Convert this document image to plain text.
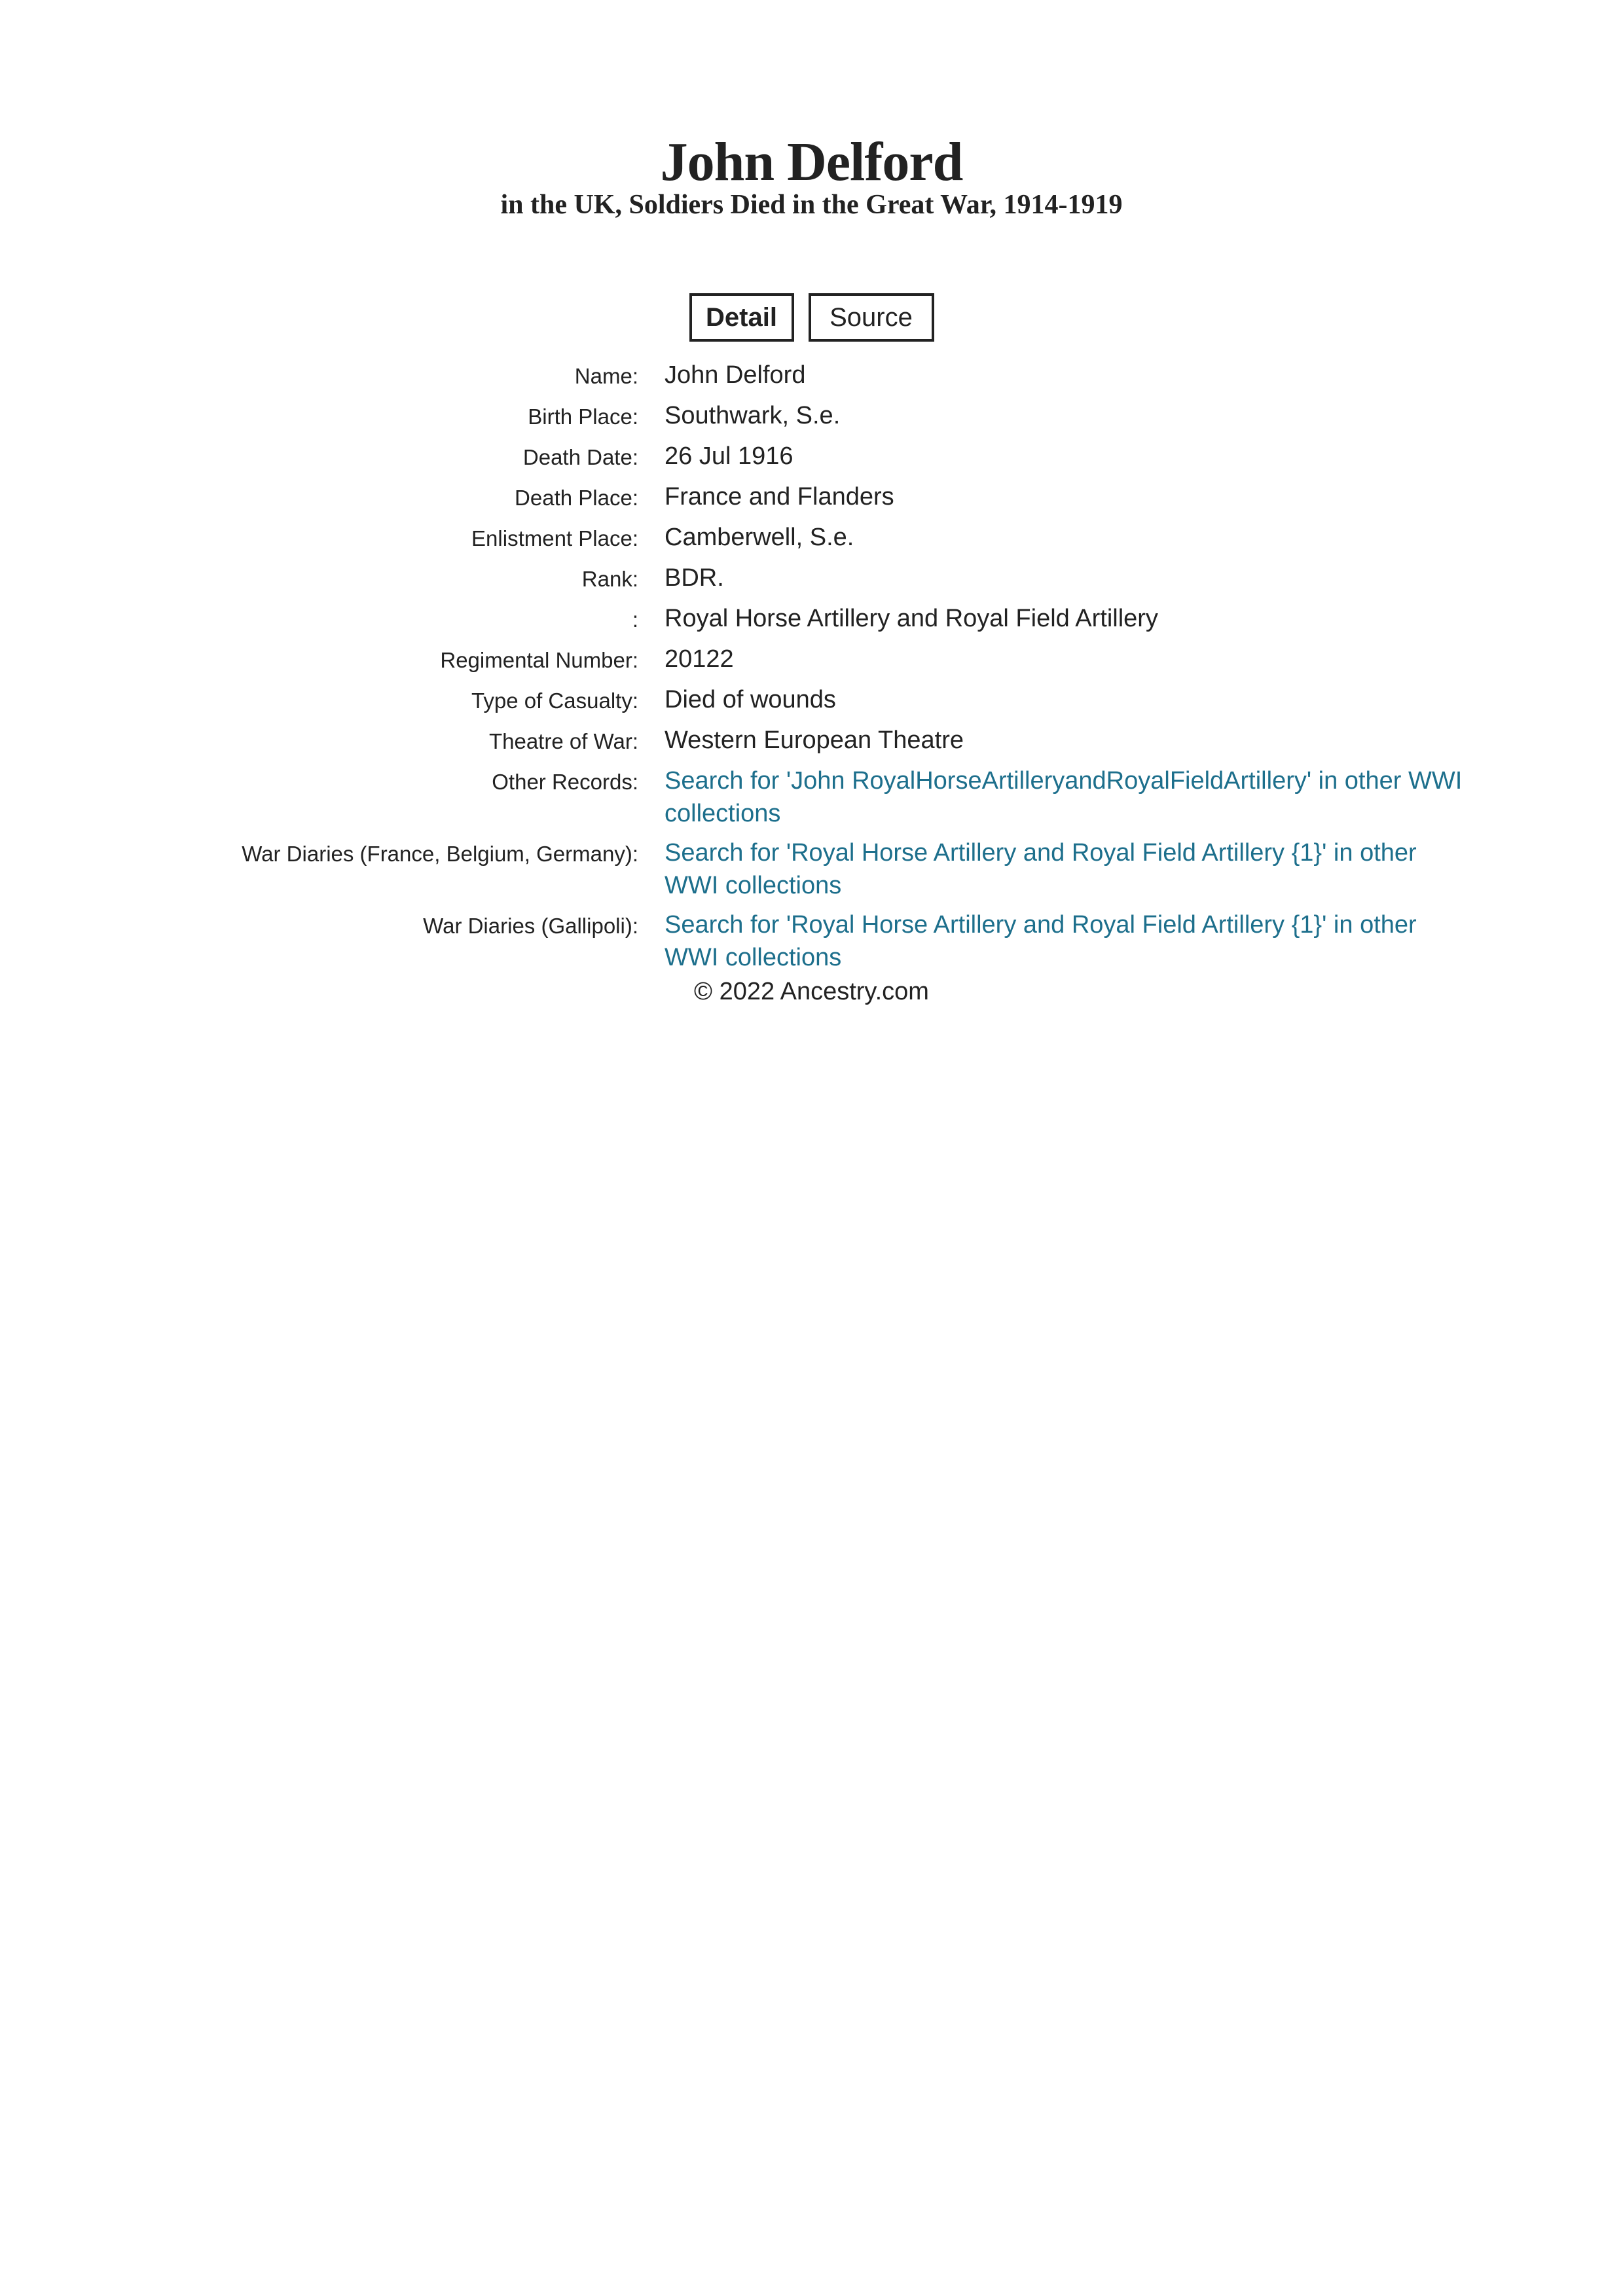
John Delford
in the UK, Soldiers Died in the Great War, 1914-1919
Detail	Source
Name: John Delford
Birth Place: Southwark, S.e.
Death Date: 26 Jul 1916
Death Place: France and Flanders
Enlistment Place: Camberwell, S.e.
Rank: BDR.
: Royal Horse Artillery and Royal Field Artillery
Regimental Number: 20122
Type of Casualty: Died of wounds
Theatre of War: Western European Theatre
Other Records: Search for 'John RoyalHorseArtilleryandRoyalFieldArtillery' in other WWI collections
War Diaries (France, Belgium, Germany): Search for 'Royal Horse Artillery and Royal Field Artillery {1}' in other WWI collections
War Diaries (Gallipoli): Search for 'Royal Horse Artillery and Royal Field Artillery {1}' in other WWI collections
© 2022 Ancestry.com
